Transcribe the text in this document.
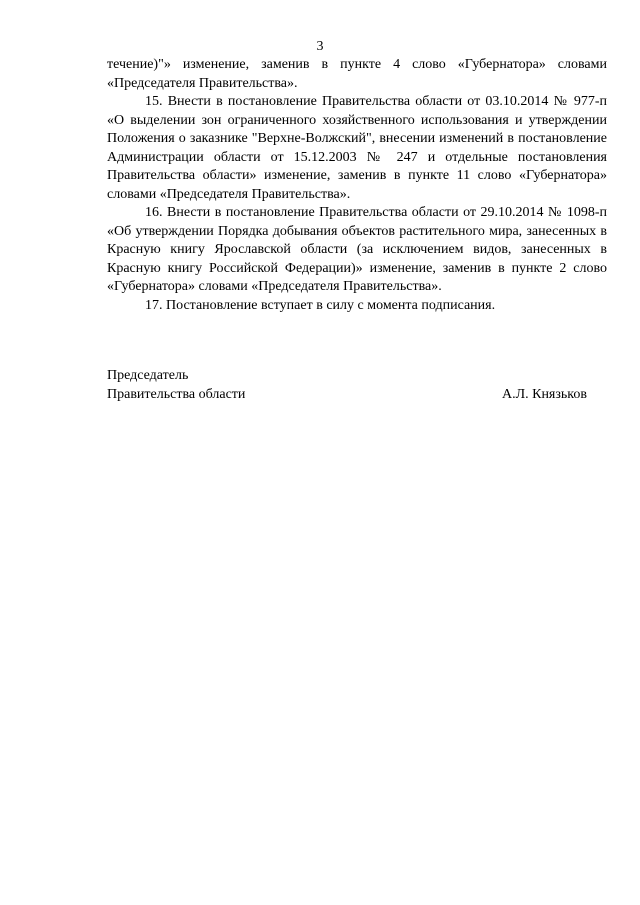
3

течение)"» изменение, заменив в пункте 4 слово «Губернатора» словами «Председателя Правительства».

15. Внести в постановление Правительства области от 03.10.2014 № 977-п «О выделении зон ограниченного хозяйственного использования и утверждении Положения о заказнике "Верхне-Волжский", внесении изменений в постановление Администрации области от 15.12.2003 № 247 и отдельные постановления Правительства области» изменение, заменив в пункте 11 слово «Губернатора» словами «Председателя Правительства».

16. Внести в постановление Правительства области от 29.10.2014 № 1098-п «Об утверждении Порядка добывания объектов растительного мира, занесенных в Красную книгу Ярославской области (за исключением видов, занесенных в Красную книгу Российской Федерации)» изменение, заменив в пункте 2 слово «Губернатора» словами «Председателя Правительства».

17. Постановление вступает в силу с момента подписания.

Председатель
Правительства области	А.Л. Князьков
